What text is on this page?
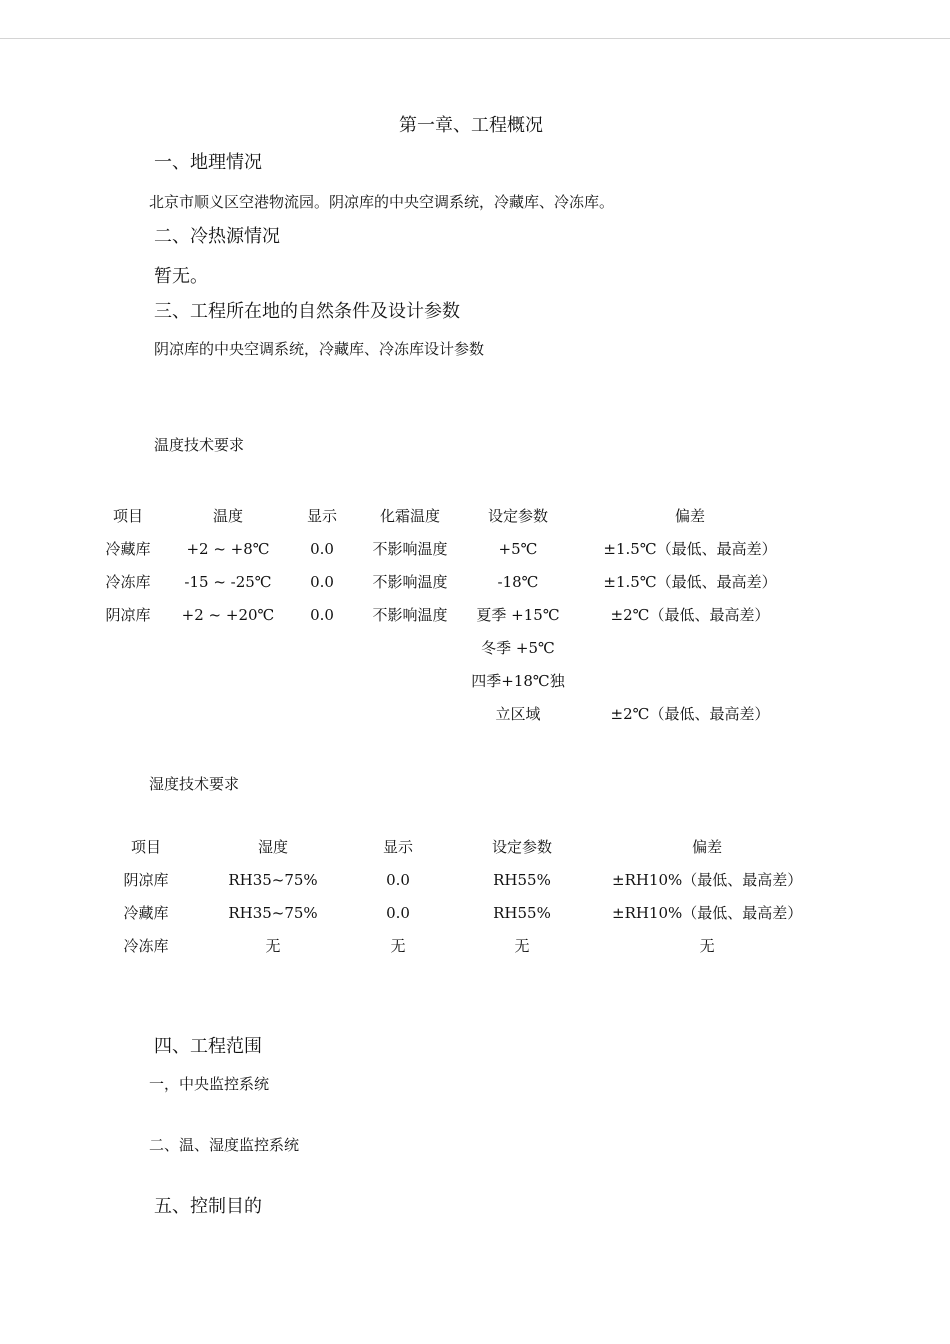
第一章、工程概况
一、地理情况
北京市顺义区空港物流园。阴凉库的中央空调系统，冷藏库、冷冻库。
二、冷热源情况
暂无。
三、工程所在地的自然条件及设计参数
阴凉库的中央空调系统，冷藏库、冷冻库设计参数
温度技术要求
项目	温度	显示	化霜温度	设定参数	偏差
冷藏库	+2 ~ +8℃	0.0	不影响温度	+5℃	±1.5℃（最低、最高差）
冷冻库	-15 ~ -25℃	0.0	不影响温度	-18℃	±1.5℃（最低、最高差）
阴凉库	+2 ~ +20℃	0.0	不影响温度	夏季 +15℃	±2℃（最低、最高差）
				冬季 +5℃	
				四季+18℃独	
				立区域	±2℃（最低、最高差）
湿度技术要求
项目	湿度	显示	设定参数	偏差
阴凉库	RH35~75%	0.0	RH55%	±RH10%（最低、最高差）
冷藏库	RH35~75%	0.0	RH55%	±RH10%（最低、最高差）
冷冻库	无	无	无	无
四、工程范围
一，中央监控系统
二、温、湿度监控系统
五、控制目的
